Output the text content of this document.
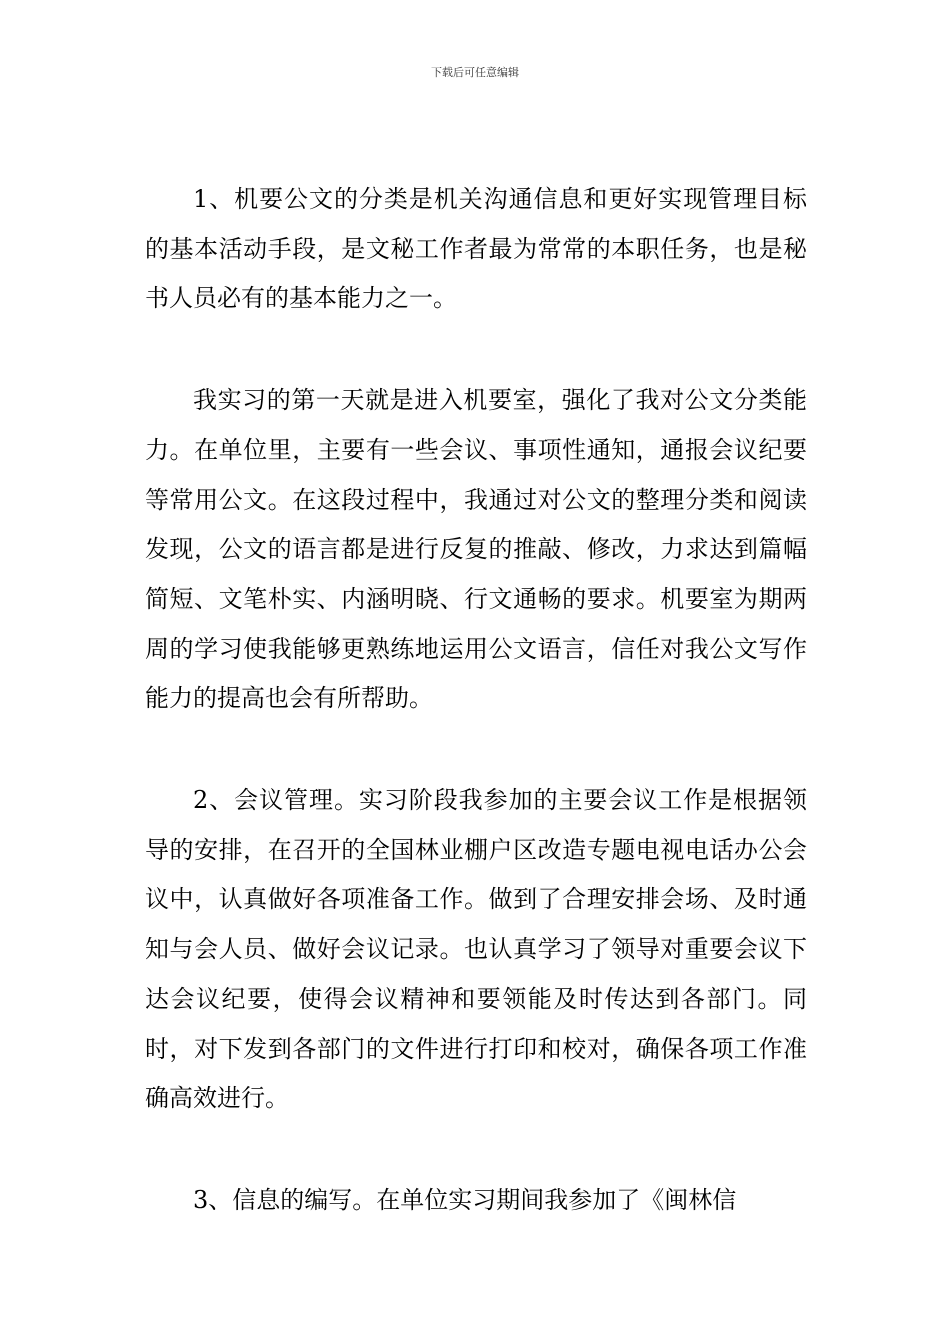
下载后可任意编辑

1、机要公文的分类是机关沟通信息和更好实现管理目标的基本活动手段，是文秘工作者最为常常的本职任务，也是秘书人员必有的基本能力之一。

我实习的第一天就是进入机要室，强化了我对公文分类能力。在单位里，主要有一些会议、事项性通知，通报会议纪要等常用公文。在这段过程中，我通过对公文的整理分类和阅读发现，公文的语言都是进行反复的推敲、修改，力求达到篇幅简短、文笔朴实、内涵明晓、行文通畅的要求。机要室为期两周的学习使我能够更熟练地运用公文语言，信任对我公文写作能力的提高也会有所帮助。

2、会议管理。实习阶段我参加的主要会议工作是根据领导的安排，在召开的全国林业棚户区改造专题电视电话办公会议中，认真做好各项准备工作。做到了合理安排会场、及时通知与会人员、做好会议记录。也认真学习了领导对重要会议下达会议纪要，使得会议精神和要领能及时传达到各部门。同时，对下发到各部门的文件进行打印和校对，确保各项工作准确高效进行。

3、信息的编写。在单位实习期间我参加了《闽林信
